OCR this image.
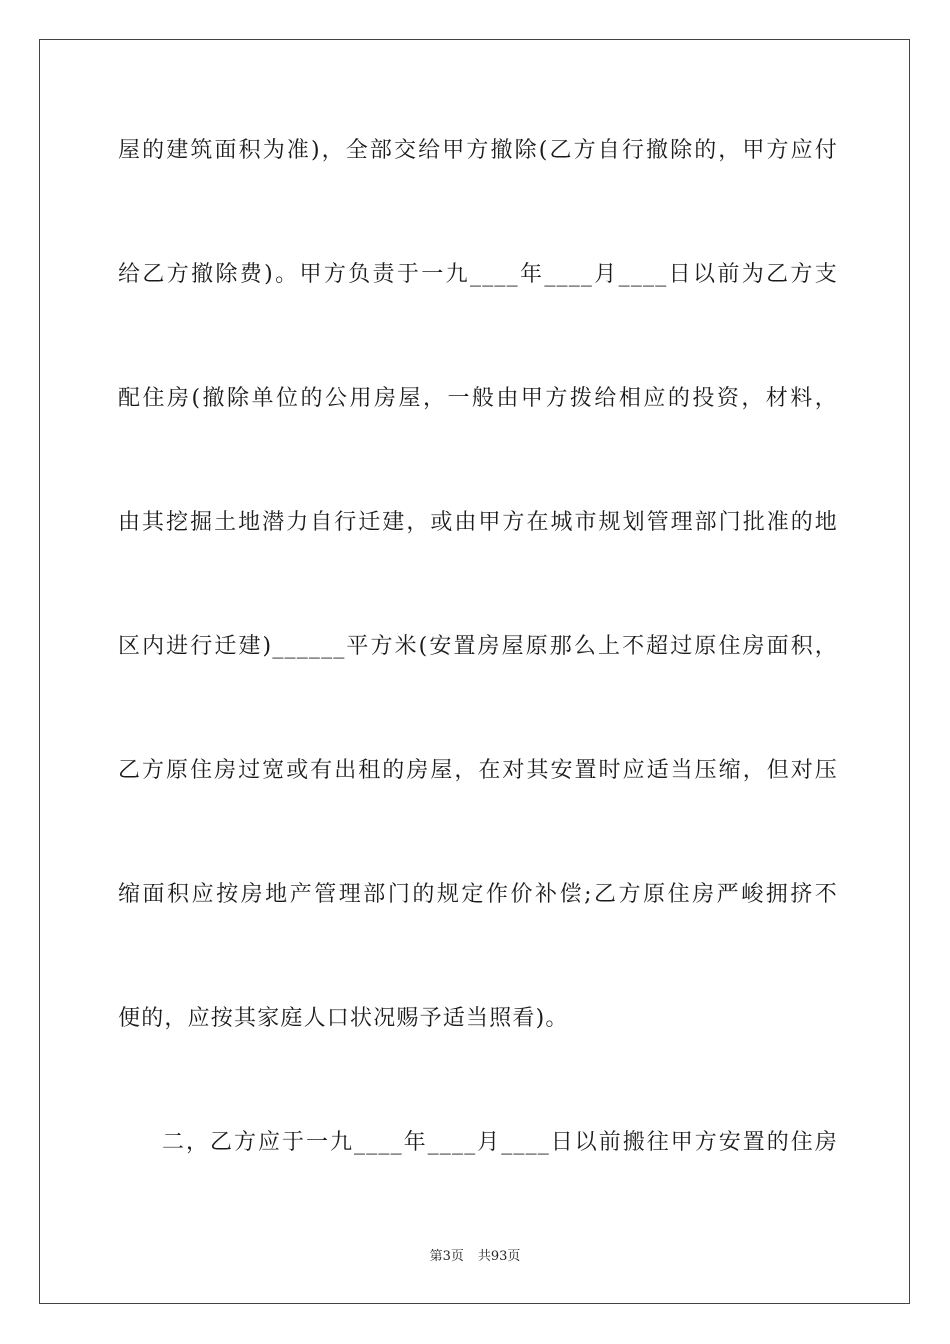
屋的建筑面积为准)，全部交给甲方撤除(乙方自行撤除的，甲方应付
给乙方撤除费)。甲方负责于一九____年____月____日以前为乙方支
配住房(撤除单位的公用房屋，一般由甲方拨给相应的投资，材料，
由其挖掘土地潜力自行迁建，或由甲方在城市规划管理部门批准的地
区内进行迁建)______平方米(安置房屋原那么上不超过原住房面积，
乙方原住房过宽或有出租的房屋，在对其安置时应适当压缩，但对压
缩面积应按房地产管理部门的规定作价补偿;乙方原住房严峻拥挤不
便的，应按其家庭人口状况赐予适当照看)。
二，乙方应于一九____年____月____日以前搬往甲方安置的住房
第3页 共93页
